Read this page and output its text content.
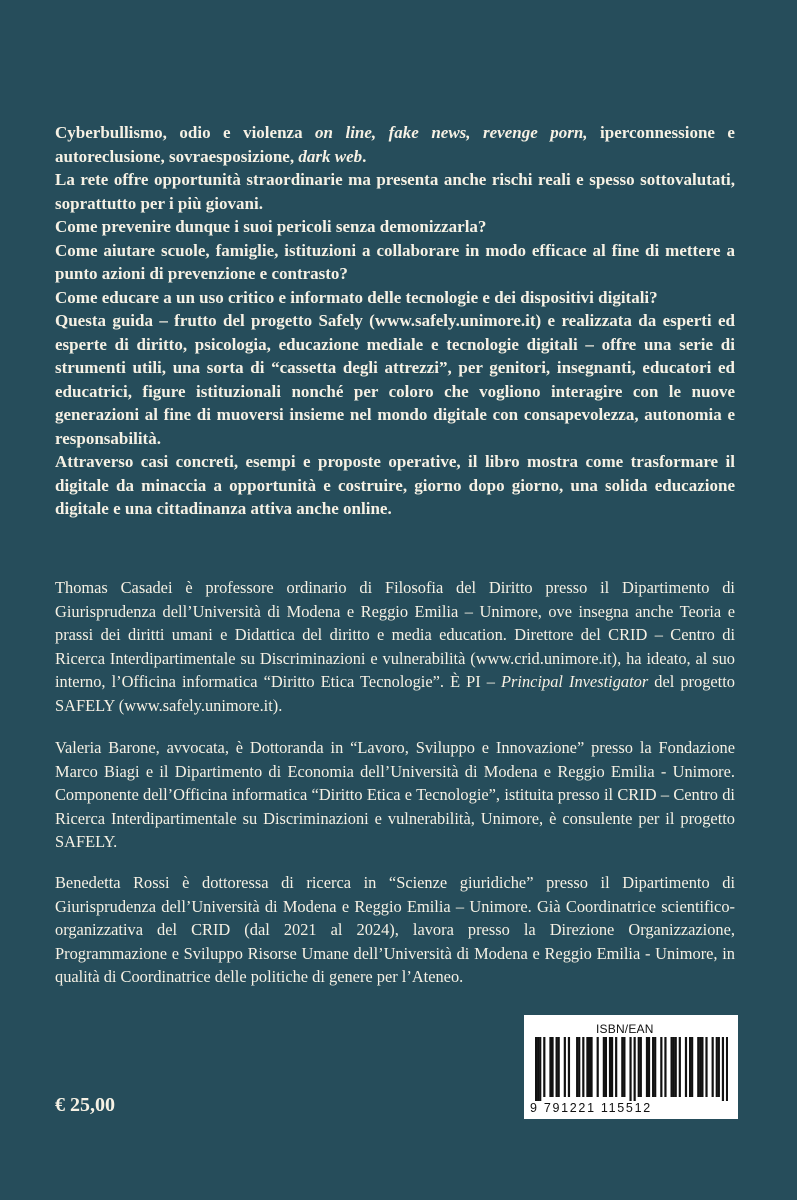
Cyberbullismo, odio e violenza on line, fake news, revenge porn, iperconnessione e autoreclusione, sovraesposizione, dark web.

La rete offre opportunità straordinarie ma presenta anche rischi reali e spesso sottovalutati, soprattutto per i più giovani.

Come prevenire dunque i suoi pericoli senza demonizzarla?

Come aiutare scuole, famiglie, istituzioni a collaborare in modo efficace al fine di mettere a punto azioni di prevenzione e contrasto?

Come educare a un uso critico e informato delle tecnologie e dei dispositivi digitali?

Questa guida – frutto del progetto Safely (www.safely.unimore.it) e realizzata da esperti ed esperte di diritto, psicologia, educazione mediale e tecnologie digitali – offre una serie di strumenti utili, una sorta di “cassetta degli attrezzi”, per genitori, insegnanti, educatori ed educatrici, figure istituzionali nonché per coloro che vogliono interagire con le nuove generazioni al fine di muoversi insieme nel mondo digitale con consapevolezza, autonomia e responsabilità.

Attraverso casi concreti, esempi e proposte operative, il libro mostra come trasformare il digitale da minaccia a opportunità e costruire, giorno dopo giorno, una solida educazione digitale e una cittadinanza attiva anche online.

Thomas Casadei è professore ordinario di Filosofia del Diritto presso il Dipartimento di Giurisprudenza dell’Università di Modena e Reggio Emilia – Unimore, ove insegna anche Teoria e prassi dei diritti umani e Didattica del diritto e media education. Direttore del CRID – Centro di Ricerca Interdipartimentale su Discriminazioni e vulnerabilità (www.crid.unimore.it), ha ideato, al suo interno, l’Officina informatica “Diritto Etica Tecnologie”. È PI – Principal Investigator del progetto SAFELY (www.safely.unimore.it).

Valeria Barone, avvocata, è Dottoranda in “Lavoro, Sviluppo e Innovazione” presso la Fondazione Marco Biagi e il Dipartimento di Economia dell’Università di Modena e Reggio Emilia - Unimore. Componente dell’Officina informatica “Diritto Etica e Tecnologie”, istituita presso il CRID – Centro di Ricerca Interdipartimentale su Discriminazioni e vulnerabilità, Unimore, è consulente per il progetto SAFELY.

Benedetta Rossi è dottoressa di ricerca in “Scienze giuridiche” presso il Dipartimento di Giurisprudenza dell’Università di Modena e Reggio Emilia – Unimore. Già Coordinatrice scientifico-organizzativa del CRID (dal 2021 al 2024), lavora presso la Direzione Organizzazione, Programmazione e Sviluppo Risorse Umane dell’Università di Modena e Reggio Emilia - Unimore, in qualità di Coordinatrice delle politiche di genere per l’Ateneo.

€ 25,00
ISBN/EAN
9 791221 115512
